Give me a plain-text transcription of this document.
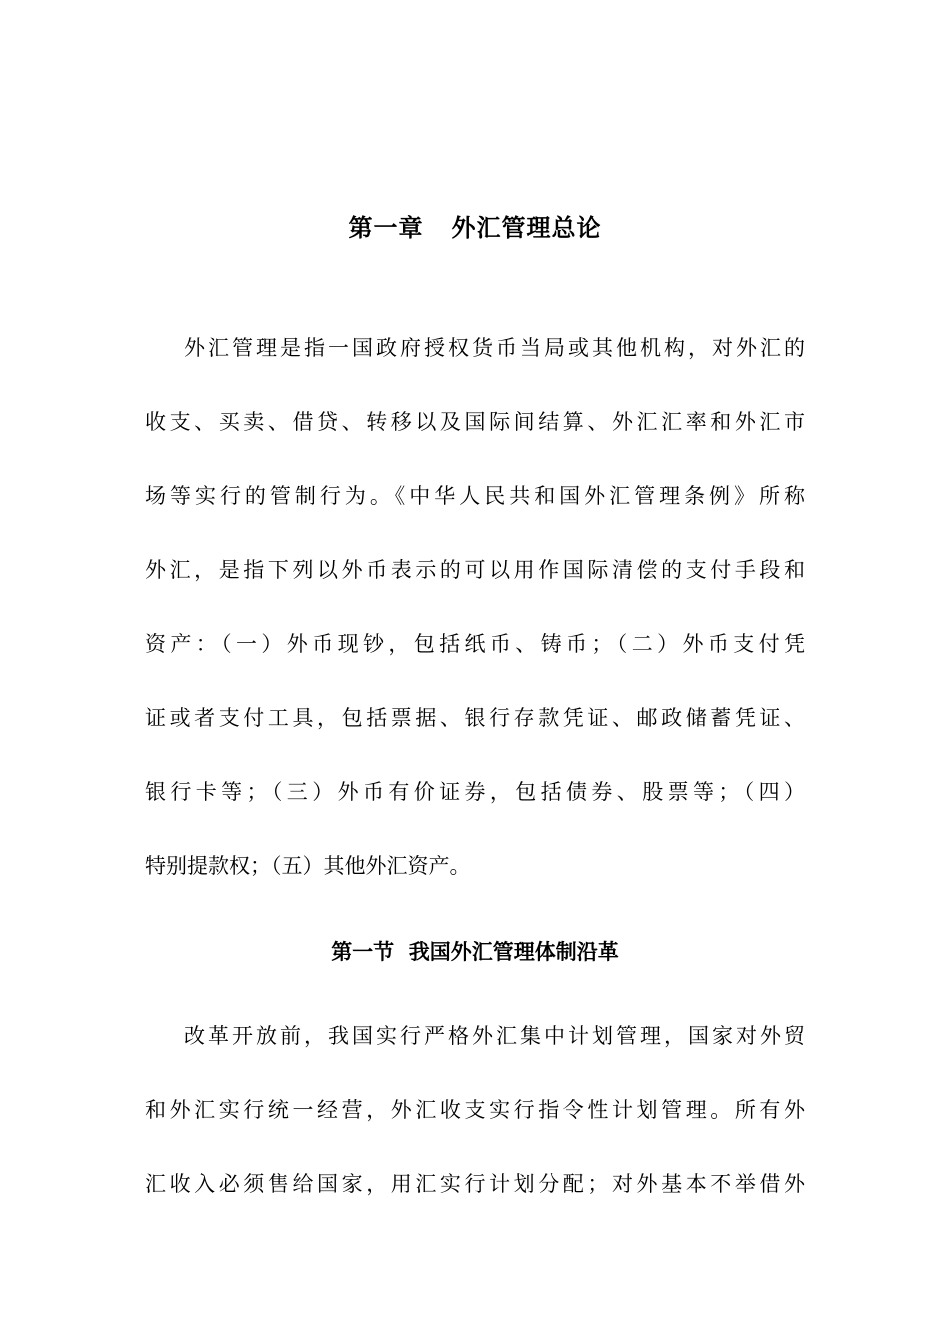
第一章   外汇管理总论
外汇管理是指一国政府授权货币当局或其他机构，对外汇的
收支、买卖、借贷、转移以及国际间结算、外汇汇率和外汇市
场等实行的管制行为。《中华人民共和国外汇管理条例》所称
外汇，是指下列以外币表示的可以用作国际清偿的支付手段和
资产：（一）外币现钞，包括纸币、铸币；（二）外币支付凭
证或者支付工具，包括票据、银行存款凭证、邮政储蓄凭证、
银行卡等；（三）外币有价证券，包括债券、股票等；（四）
特别提款权；（五）其他外汇资产。
第一节  我国外汇管理体制沿革
改革开放前，我国实行严格外汇集中计划管理，国家对外贸
和外汇实行统一经营，外汇收支实行指令性计划管理。所有外
汇收入必须售给国家，用汇实行计划分配；对外基本不举借外
